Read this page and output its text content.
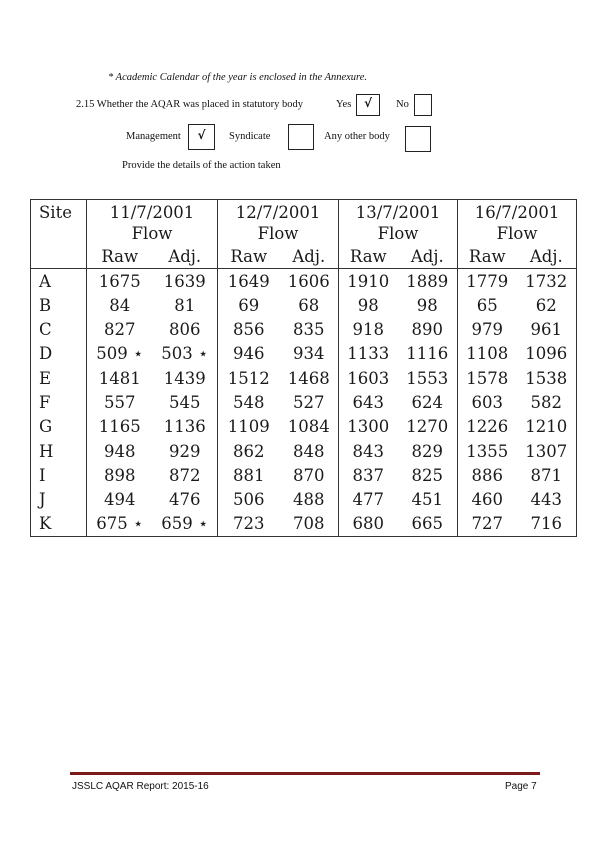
* Academic Calendar of the year is enclosed in the Annexure.
2.15 Whether the AQAR was placed in statutory body	Yes	√	No
Management	√	Syndicate	Any other body
Provide the details of the action taken
Site	11/7/2001		12/7/2001		13/7/2001		16/7/2001	
	Flow		Flow		Flow		Flow	
	Raw	Adj.	Raw	Adj.	Raw	Adj.	Raw	Adj.
A	1675	1639	1649	1606	1910	1889	1779	1732
B	84	81	69	68	98	98	65	62
C	827	806	856	835	918	890	979	961
D	509 ⋆	503 ⋆	946	934	1133	1116	1108	1096
E	1481	1439	1512	1468	1603	1553	1578	1538
F	557	545	548	527	643	624	603	582
G	1165	1136	1109	1084	1300	1270	1226	1210
H	948	929	862	848	843	829	1355	1307
I	898	872	881	870	837	825	886	871
J	494	476	506	488	477	451	460	443
K	675 ⋆	659 ⋆	723	708	680	665	727	716
JSSLC AQAR Report: 2015-16	Page 7
